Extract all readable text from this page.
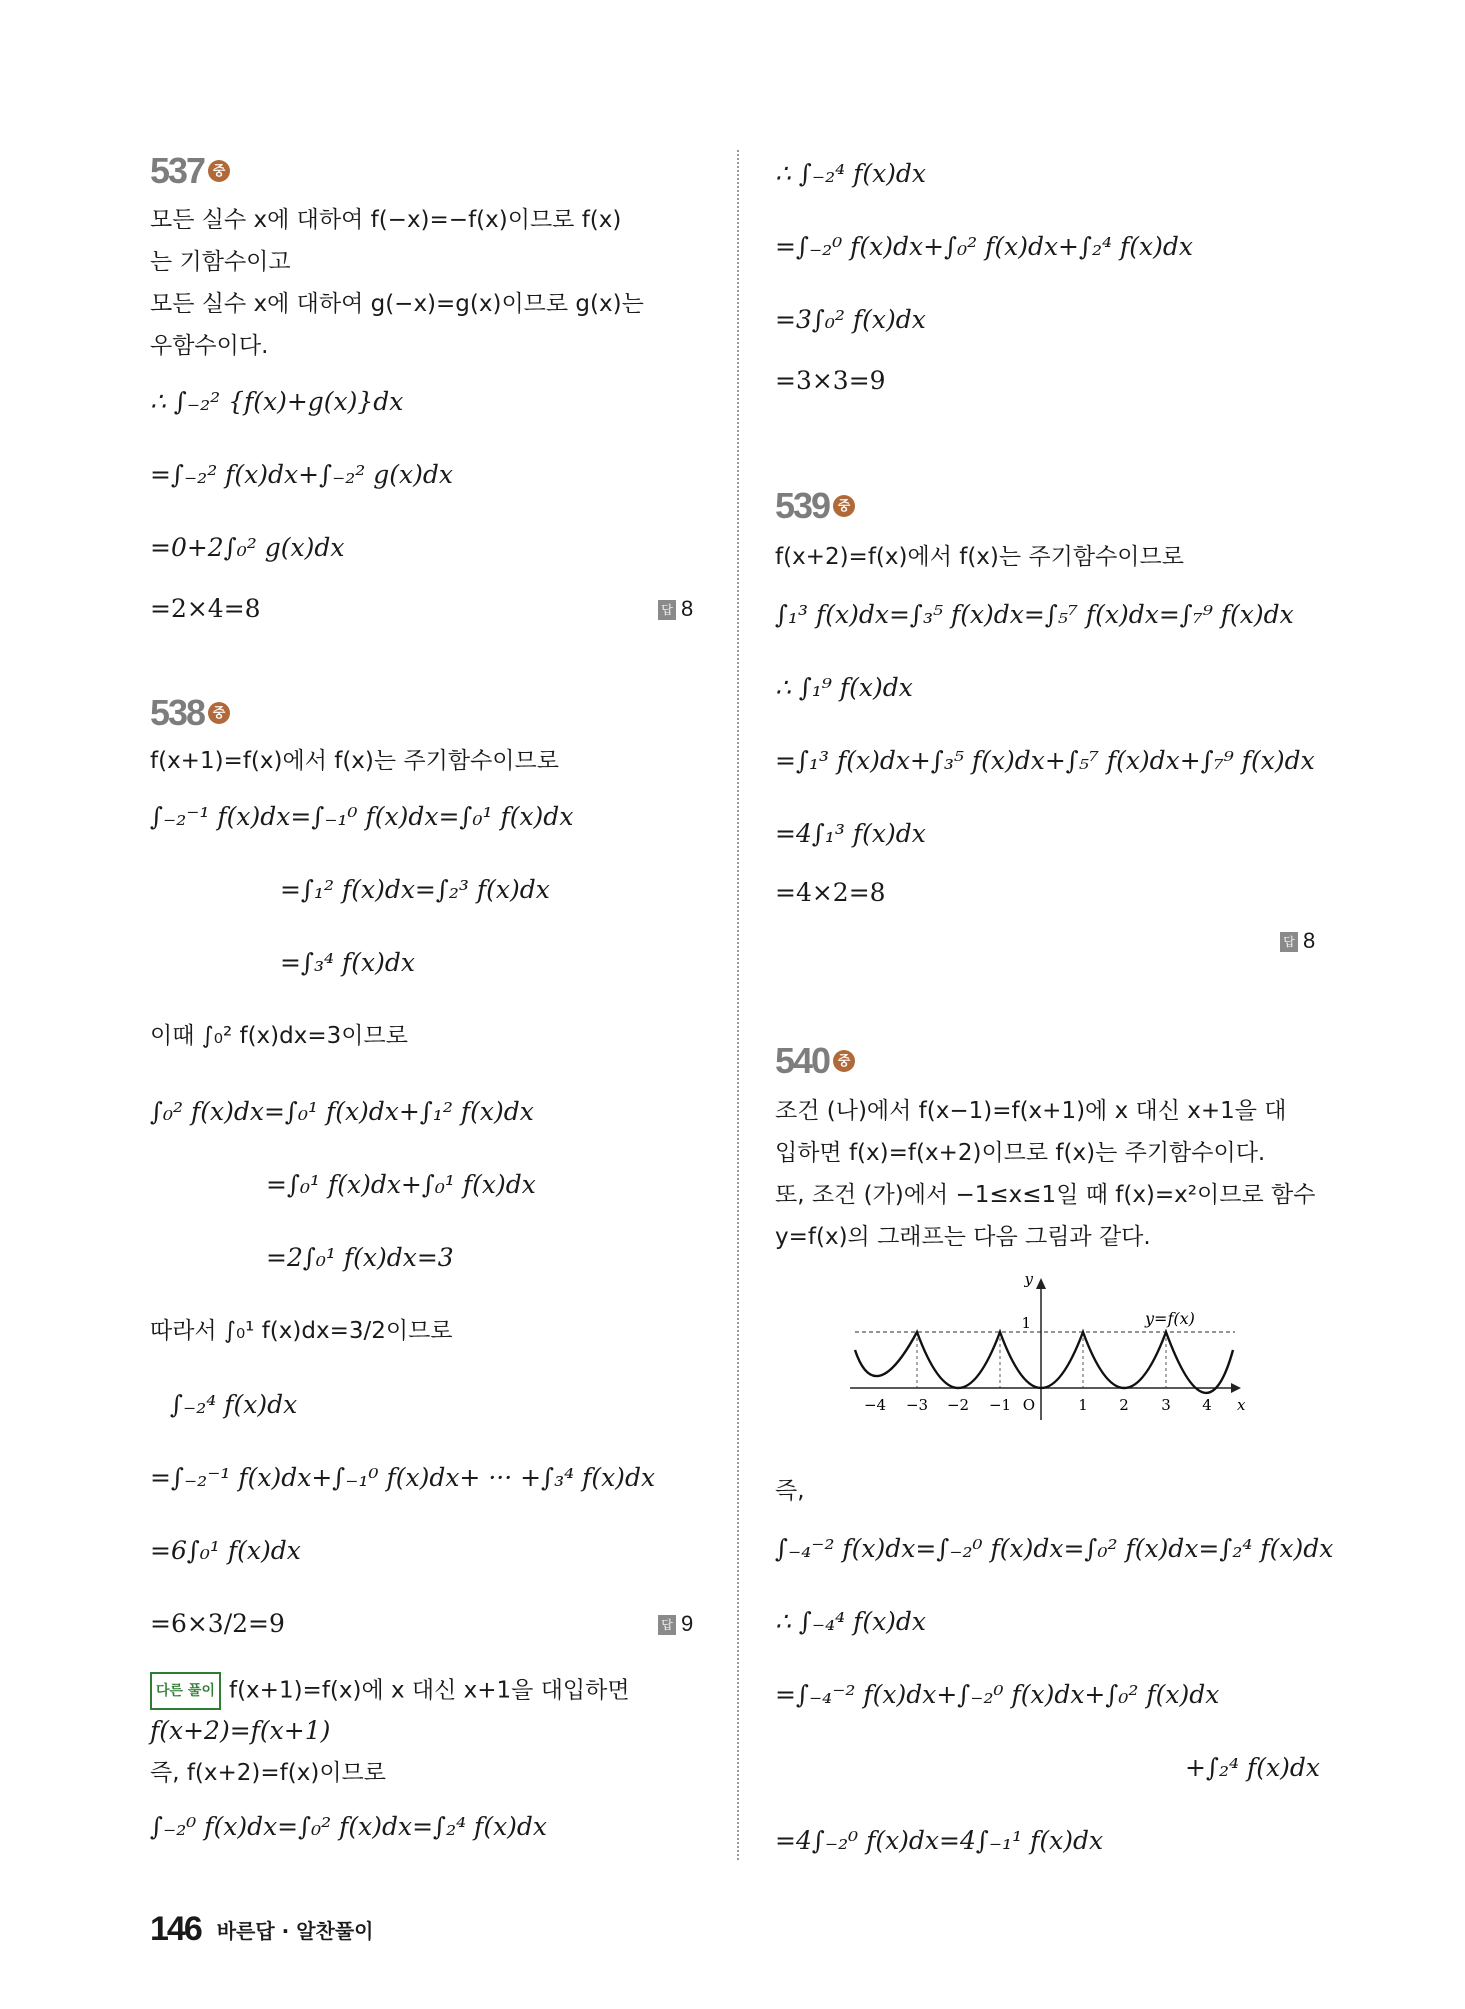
537 중
모든 실수 x에 대하여 f(−x)=−f(x)이므로 f(x)
는 기함수이고
모든 실수 x에 대하여 g(−x)=g(x)이므로 g(x)는
우함수이다.
∴ ∫₋₂² {f(x)+g(x)}dx
=∫₋₂² f(x)dx+∫₋₂² g(x)dx
=0+2∫₀² g(x)dx
=2×4=8	답 8
538 중
f(x+1)=f(x)에서 f(x)는 주기함수이므로
∫₋₂⁻¹ f(x)dx=∫₋₁⁰ f(x)dx=∫₀¹ f(x)dx
=∫₁² f(x)dx=∫₂³ f(x)dx
=∫₃⁴ f(x)dx
이때 ∫₀² f(x)dx=3이므로
∫₀² f(x)dx=∫₀¹ f(x)dx+∫₁² f(x)dx
=∫₀¹ f(x)dx+∫₀¹ f(x)dx
=2∫₀¹ f(x)dx=3
따라서 ∫₀¹ f(x)dx=3/2이므로
∫₋₂⁴ f(x)dx
=∫₋₂⁻¹ f(x)dx+∫₋₁⁰ f(x)dx+ ··· +∫₃⁴ f(x)dx
=6∫₀¹ f(x)dx
=6×3/2=9	답 9
다른 풀이 f(x+1)=f(x)에 x 대신 x+1을 대입하면
f(x+2)=f(x+1)
즉, f(x+2)=f(x)이므로
∫₋₂⁰ f(x)dx=∫₀² f(x)dx=∫₂⁴ f(x)dx
∴ ∫₋₂⁴ f(x)dx
=∫₋₂⁰ f(x)dx+∫₀² f(x)dx+∫₂⁴ f(x)dx
=3∫₀² f(x)dx
=3×3=9
539 중
f(x+2)=f(x)에서 f(x)는 주기함수이므로
∫₁³ f(x)dx=∫₃⁵ f(x)dx=∫₅⁷ f(x)dx=∫₇⁹ f(x)dx
∴ ∫₁⁹ f(x)dx
=∫₁³ f(x)dx+∫₃⁵ f(x)dx+∫₅⁷ f(x)dx+∫₇⁹ f(x)dx
=4∫₁³ f(x)dx
=4×2=8
답 8
540 중
조건 (나)에서 f(x−1)=f(x+1)에 x 대신 x+1을 대
입하면 f(x)=f(x+2)이므로 f(x)는 주기함수이다.
또, 조건 (가)에서 −1≤x≤1일 때 f(x)=x²이므로 함수
y=f(x)의 그래프는 다음 그림과 같다.
y
x
y=f(x)
1
O
−4 −3 −2 −1	1 2 3 4
즉,
∫₋₄⁻² f(x)dx=∫₋₂⁰ f(x)dx=∫₀² f(x)dx=∫₂⁴ f(x)dx
∴ ∫₋₄⁴ f(x)dx
=∫₋₄⁻² f(x)dx+∫₋₂⁰ f(x)dx+∫₀² f(x)dx
+∫₂⁴ f(x)dx
=4∫₋₂⁰ f(x)dx=4∫₋₁¹ f(x)dx
146 바른답 · 알찬풀이
